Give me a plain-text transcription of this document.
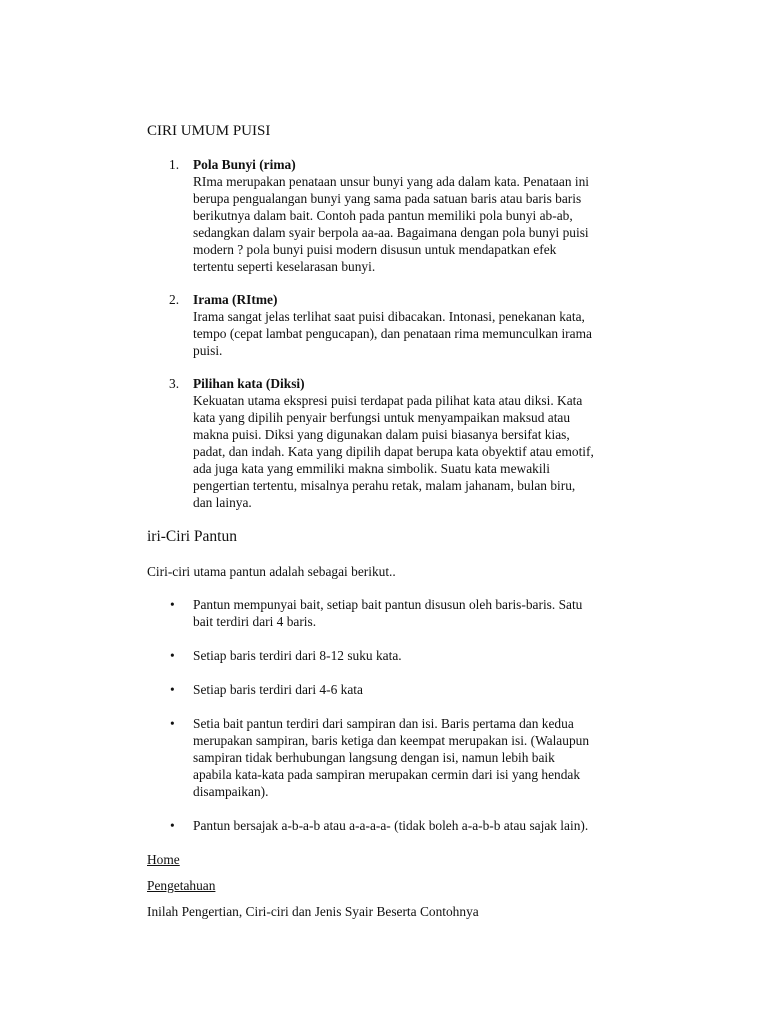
CIRI UMUM PUISI
1. Pola Bunyi (rima)
RIma merupakan penataan unsur bunyi yang ada dalam kata. Penataan ini
berupa pengualangan bunyi yang sama pada satuan baris atau baris baris
berikutnya dalam bait. Contoh pada pantun memiliki pola bunyi ab-ab,
sedangkan dalam syair berpola aa-aa. Bagaimana dengan pola bunyi puisi
modern ? pola bunyi puisi modern disusun untuk mendapatkan efek
tertentu seperti keselarasan bunyi.
2. Irama (RItme)
Irama sangat jelas terlihat saat puisi dibacakan. Intonasi, penekanan kata,
tempo (cepat lambat pengucapan), dan penataan rima memunculkan irama
puisi.
3. Pilihan kata (Diksi)
Kekuatan utama ekspresi puisi terdapat pada pilihat kata atau diksi. Kata
kata yang dipilih penyair berfungsi untuk menyampaikan maksud atau
makna puisi. Diksi yang digunakan dalam puisi biasanya bersifat kias,
padat, dan indah. Kata yang dipilih dapat berupa kata obyektif atau emotif,
ada juga kata yang emmiliki makna simbolik. Suatu kata mewakili
pengertian tertentu, misalnya perahu retak, malam jahanam, bulan biru,
dan lainya.
iri-Ciri Pantun
Ciri-ciri utama pantun adalah sebagai berikut..
• Pantun mempunyai bait, setiap bait pantun disusun oleh baris-baris. Satu
bait terdiri dari 4 baris.
• Setiap baris terdiri dari 8-12 suku kata.
• Setiap baris terdiri dari 4-6 kata
• Setia bait pantun terdiri dari sampiran dan isi. Baris pertama dan kedua
merupakan sampiran, baris ketiga dan keempat merupakan isi. (Walaupun
sampiran tidak berhubungan langsung dengan isi, namun lebih baik
apabila kata-kata pada sampiran merupakan cermin dari isi yang hendak
disampaikan).
• Pantun bersajak a-b-a-b atau a-a-a-a- (tidak boleh a-a-b-b atau sajak lain).
Home
Pengetahuan
Inilah Pengertian, Ciri-ciri dan Jenis Syair Beserta Contohnya
